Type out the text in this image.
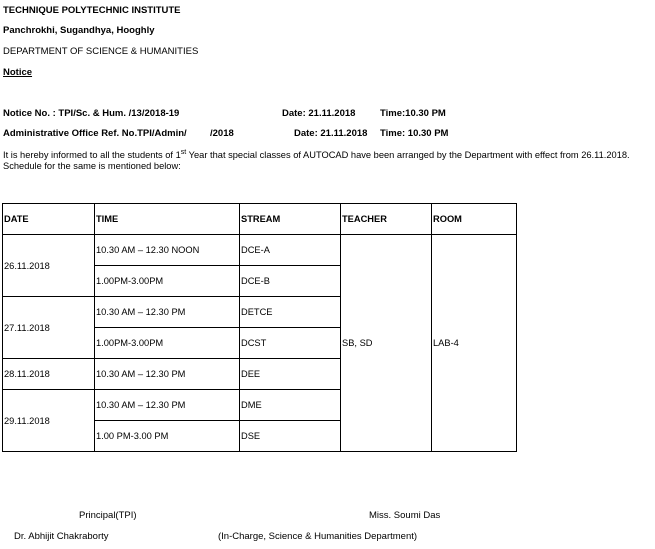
TECHNIQUE POLYTECHNIC INSTITUTE
Panchrokhi, Sugandhya, Hooghly
DEPARTMENT OF SCIENCE & HUMANITIES
Notice
Notice No. : TPI/Sc. & Hum. /13/2018-19	Date: 21.11.2018	Time:10.30 PM
Administrative Office Ref. No.TPI/Admin/ /2018	Date: 21.11.2018 Time: 10.30 PM
It is hereby informed to all the students of 1st Year that special classes of AUTOCAD have been arranged by the Department with effect from 26.11.2018.
Schedule for the same is mentioned below:
DATE	TIME	STREAM	TEACHER	ROOM
26.11.2018	10.30 AM – 12.30 NOON	DCE-A	SB, SD	LAB-4
	1.00PM-3.00PM	DCE-B		
27.11.2018	10.30 AM – 12.30 PM	DETCE		
	1.00PM-3.00PM	DCST		
28.11.2018	10.30 AM – 12.30 PM	DEE		
29.11.2018	10.30 AM – 12.30 PM	DME		
	1.00 PM-3.00 PM	DSE		
Principal(TPI)
Dr. Abhijit Chakraborty
Miss. Soumi Das
(In-Charge, Science & Humanities Department)
